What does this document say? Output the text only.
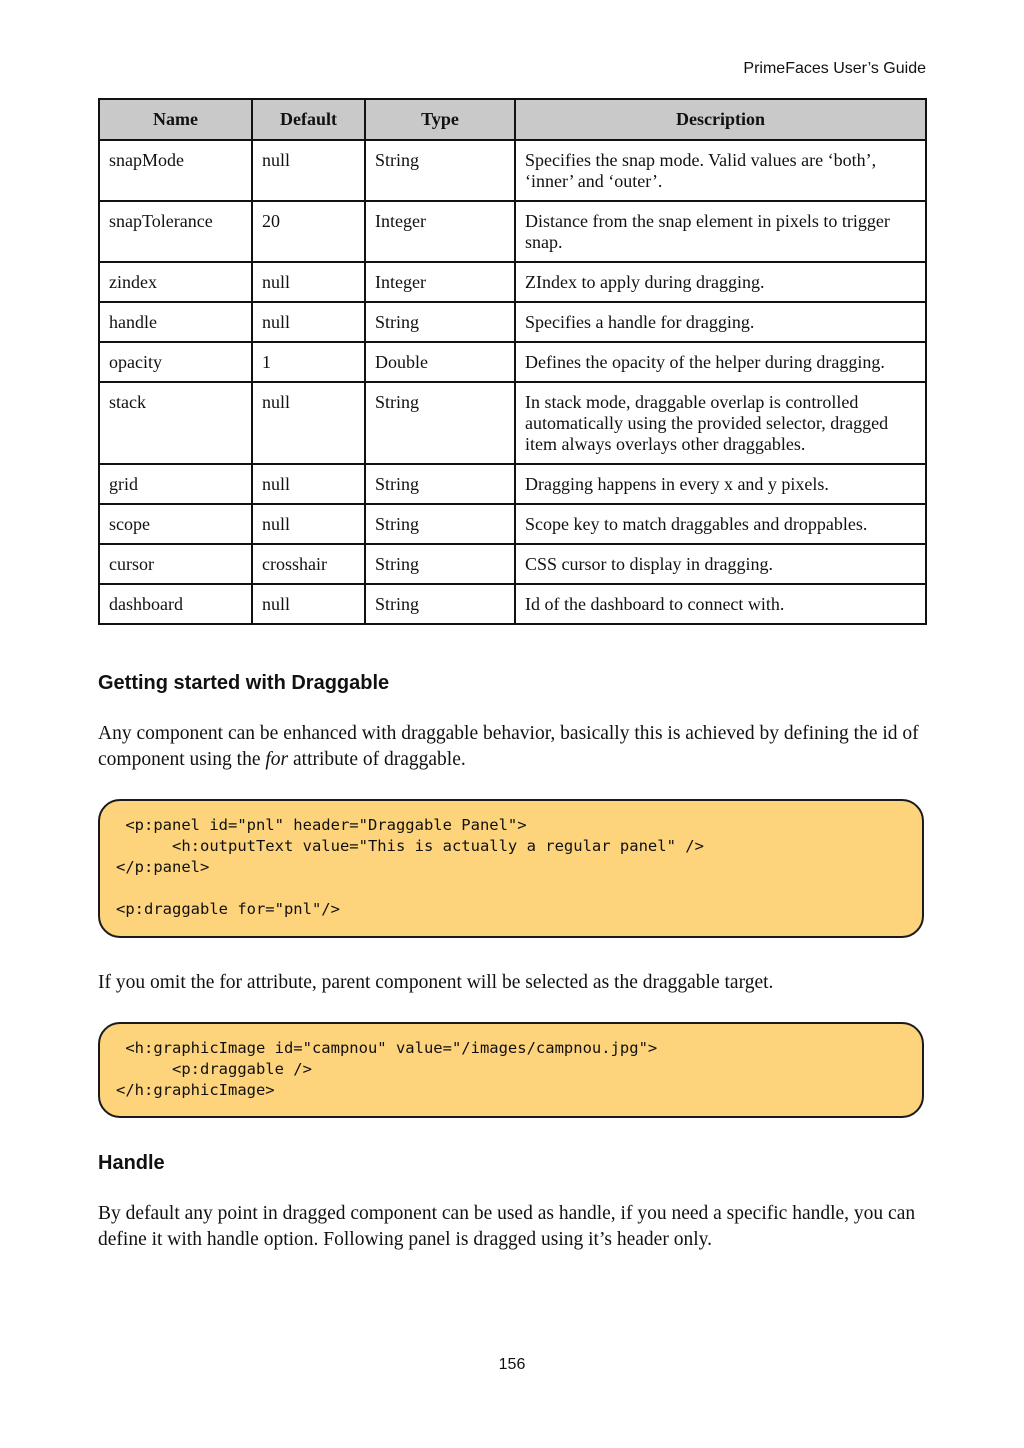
PrimeFaces User’s Guide
Name	Default	Type	Description
snapMode	null	String	Specifies the snap mode. Valid values are ‘both’, ‘inner’ and ‘outer’.
snapTolerance	20	Integer	Distance from the snap element in pixels to trigger snap.
zindex	null	Integer	ZIndex to apply during dragging.
handle	null	String	Specifies a handle for dragging.
opacity	1	Double	Defines the opacity of the helper during dragging.
stack	null	String	In stack mode, draggable overlap is controlled automatically using the provided selector, dragged item always overlays other draggables.
grid	null	String	Dragging happens in every x and y pixels.
scope	null	String	Scope key to match draggables and droppables.
cursor	crosshair	String	CSS cursor to display in dragging.
dashboard	null	String	Id of the dashboard to connect with.
Getting started with Draggable

Any component can be enhanced with draggable behavior, basically this is achieved by defining the id of component using the for attribute of draggable.

<p:panel id="pnl" header="Draggable Panel">
<h:outputText value="This is actually a regular panel" />
</p:panel>
<p:draggable for="pnl"/>

If you omit the for attribute, parent component will be selected as the draggable target.

<h:graphicImage id="campnou" value="/images/campnou.jpg">
<p:draggable />
</h:graphicImage>
Handle

By default any point in dragged component can be used as handle, if you need a specific handle, you can define it with handle option. Following panel is dragged using it’s header only.

156
